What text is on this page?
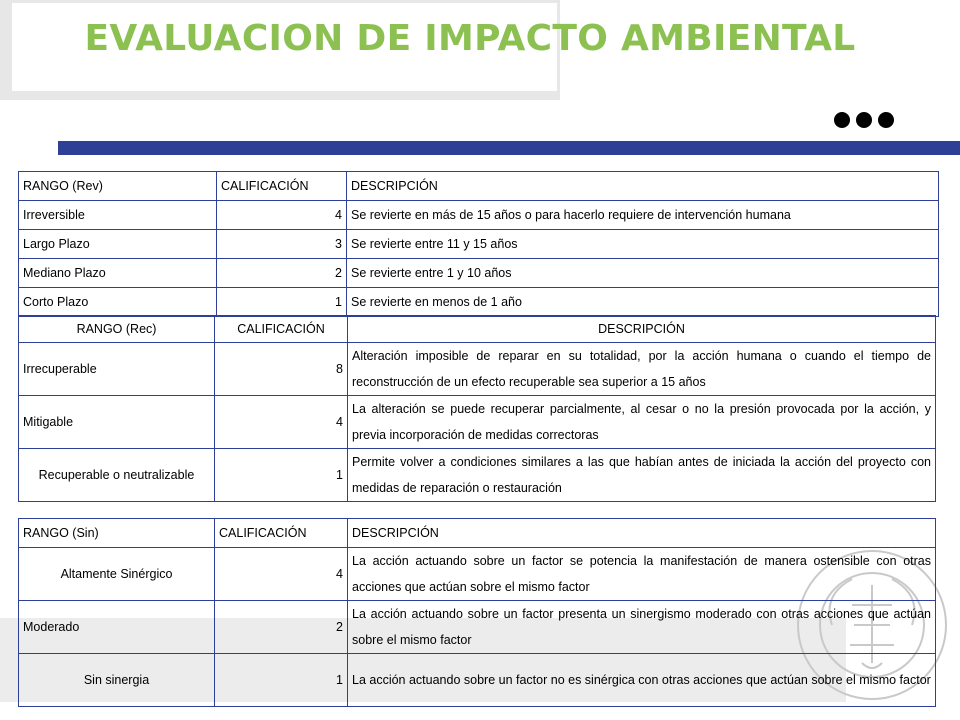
EVALUACION DE IMPACTO AMBIENTAL
RANGO (Rev)	CALIFICACIÓN	DESCRIPCIÓN
Irreversible	4	Se revierte en más de 15 años o para hacerlo requiere de intervención humana
Largo Plazo	3	Se revierte entre 11 y 15 años
Mediano Plazo	2	Se revierte entre 1 y 10 años
Corto Plazo	1	Se revierte en menos de 1 año
RANGO (Rec)	CALIFICACIÓN	DESCRIPCIÓN
Irrecuperable	8	Alteración imposible de reparar en su totalidad, por la acción humana o cuando el tiempo de reconstrucción de un efecto recuperable sea superior a 15 años
Mitigable	4	La alteración se puede recuperar parcialmente, al cesar o no la presión provocada por la acción, y previa incorporación de medidas correctoras
Recuperable o neutralizable	1	Permite volver a condiciones similares a las que habían antes de iniciada la acción del proyecto con medidas de reparación o restauración
RANGO (Sin)	CALIFICACIÓN	DESCRIPCIÓN
Altamente Sinérgico	4	La acción actuando sobre un factor se potencia la manifestación de manera ostensible con otras acciones que actúan sobre el mismo factor
Moderado	2	La acción actuando sobre un factor presenta un sinergismo moderado con otras acciones que actúan sobre el mismo factor
Sin sinergia	1	La acción actuando sobre un factor no es sinérgica con otras acciones que actúan sobre el mismo factor
